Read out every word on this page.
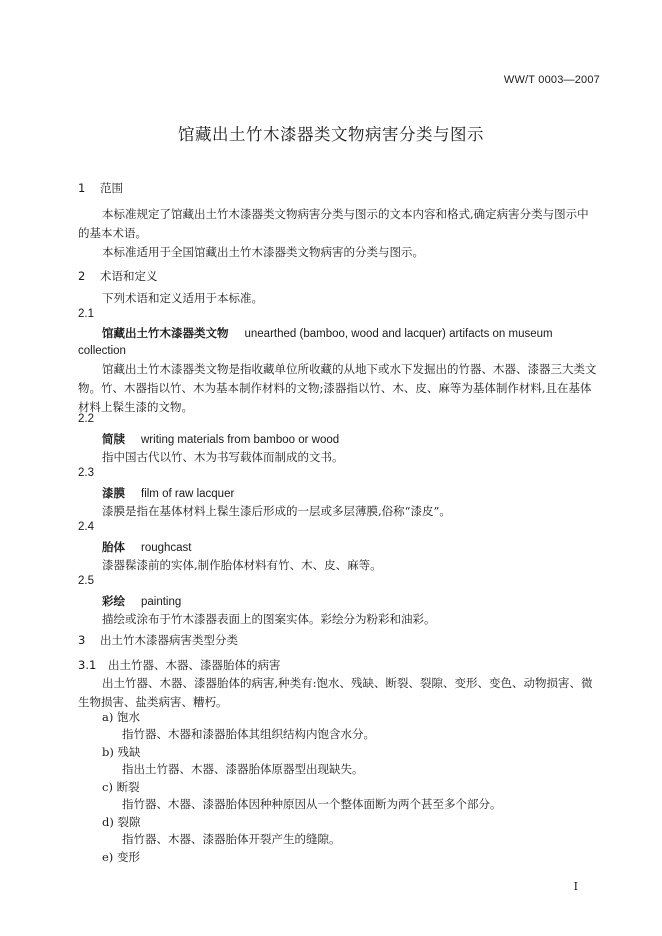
WW/T 0003—2007
馆藏出土竹木漆器类文物病害分类与图示
1 范围
本标准规定了馆藏出土竹木漆器类文物病害分类与图示的文本内容和格式,确定病害分类与图示中的基本术语。
本标准适用于全国馆藏出土竹木漆器类文物病害的分类与图示。
2 术语和定义
下列术语和定义适用于本标准。
2.1
馆藏出土竹木漆器类文物 unearthed (bamboo, wood and lacquer) artifacts on museum
collection
馆藏出土竹木漆器类文物是指收藏单位所收藏的从地下或水下发掘出的竹器、木器、漆器三大类文物。竹、木器指以竹、木为基本制作材料的文物;漆器指以竹、木、皮、麻等为基体制作材料,且在基体材料上髹生漆的文物。
2.2
简牍 writing materials from bamboo or wood
指中国古代以竹、木为书写载体而制成的文书。
2.3
漆膜 film of raw lacquer
漆膜是指在基体材料上髹生漆后形成的一层或多层薄膜,俗称“漆皮”。
2.4
胎体 roughcast
漆器髹漆前的实体,制作胎体材料有竹、木、皮、麻等。
2.5
彩绘 painting
描绘或涂布于竹木漆器表面上的图案实体。彩绘分为粉彩和油彩。
3 出土竹木漆器病害类型分类
3.1 出土竹器、木器、漆器胎体的病害
出土竹器、木器、漆器胎体的病害,种类有:饱水、残缺、断裂、裂隙、变形、变色、动物损害、微生物损害、盐类病害、糟朽。
a) 饱水
指竹器、木器和漆器胎体其组织结构内饱含水分。
b) 残缺
指出土竹器、木器、漆器胎体原器型出现缺失。
c) 断裂
指竹器、木器、漆器胎体因种种原因从一个整体面断为两个甚至多个部分。
d) 裂隙
指竹器、木器、漆器胎体开裂产生的缝隙。
e) 变形
I
